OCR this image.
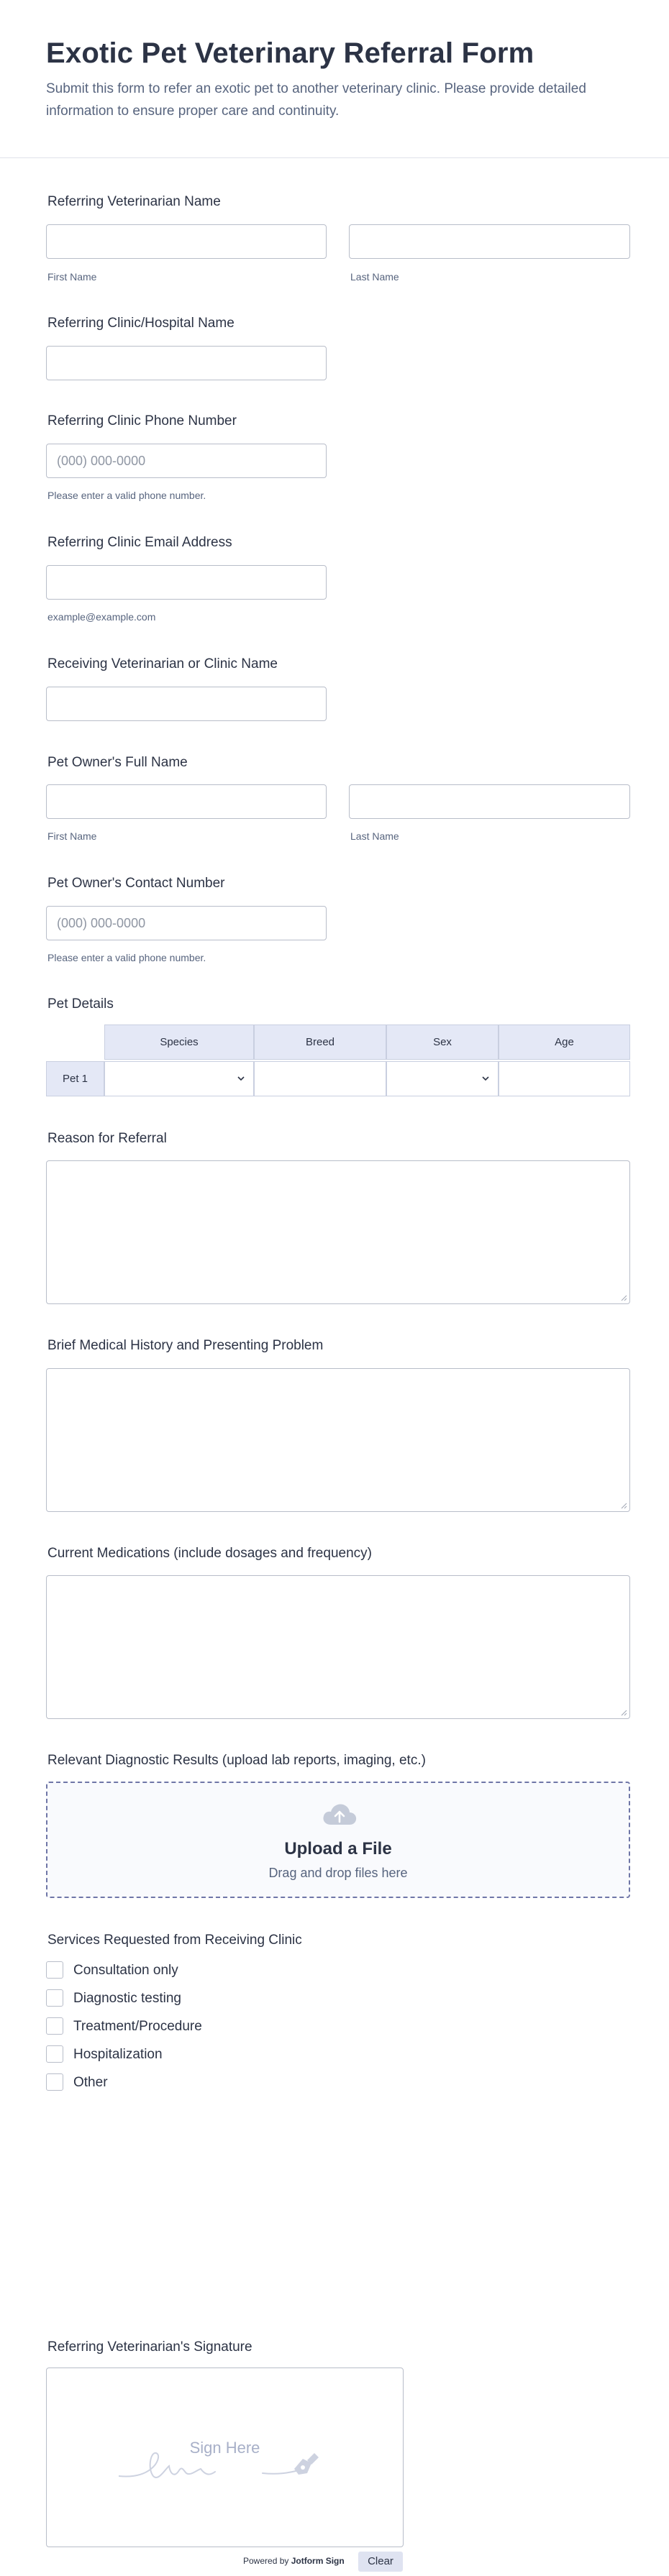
Exotic Pet Veterinary Referral Form
Submit this form to refer an exotic pet to another veterinary clinic. Please provide detailed information to ensure proper care and continuity.
Referring Veterinarian Name
First Name	Last Name
Referring Clinic/Hospital Name
Referring Clinic Phone Number
(000) 000-0000
Please enter a valid phone number.
Referring Clinic Email Address
example@example.com
Receiving Veterinarian or Clinic Name
Pet Owner's Full Name
First Name	Last Name
Pet Owner's Contact Number
(000) 000-0000
Please enter a valid phone number.
Pet Details
Species	Breed	Sex	Age
Pet 1
Reason for Referral
Brief Medical History and Presenting Problem
Current Medications (include dosages and frequency)
Relevant Diagnostic Results (upload lab reports, imaging, etc.)
Upload a File
Drag and drop files here
Services Requested from Receiving Clinic
Consultation only
Diagnostic testing
Treatment/Procedure
Hospitalization
Other
Referring Veterinarian's Signature
Sign Here
Powered by Jotform Sign	Clear
